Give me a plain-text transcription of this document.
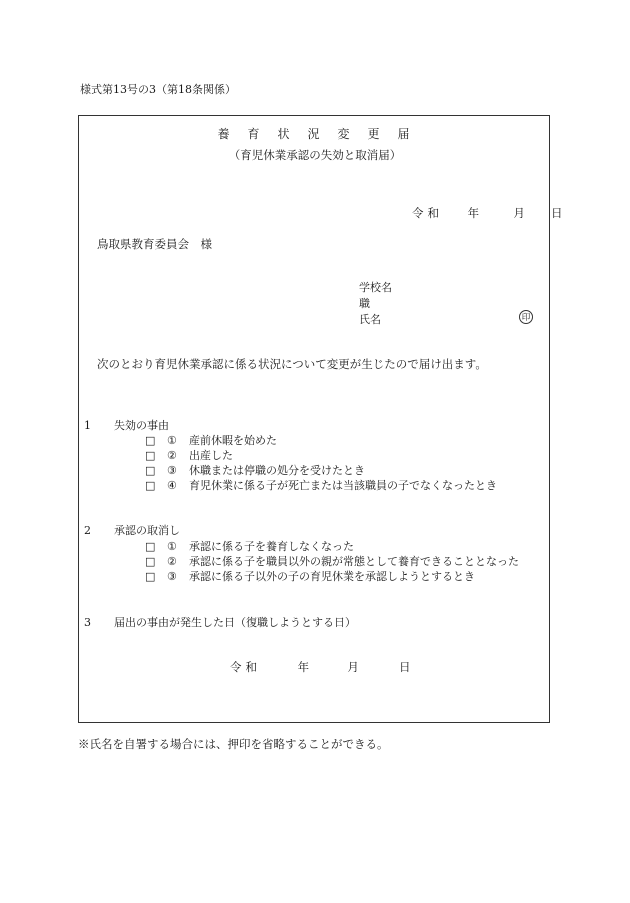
様式第13号の3（第18条関係）
養　育　状　況　変　更　届
（育児休業承認の失効と取消届）
令和 年	月 日
鳥取県教育委員会　様
学校名
職
氏名	印
次のとおり育児休業承認に係る状況について変更が生じたので届け出ます。
1 失効の事由
□ ① 産前休暇を始めた
□ ② 出産した
□ ③ 休職または停職の処分を受けたとき
□ ④ 育児休業に係る子が死亡または当該職員の子でなくなったとき
2 承認の取消し
□ ① 承認に係る子を養育しなくなった
□ ② 承認に係る子を職員以外の親が常態として養育できることとなった
□ ③ 承認に係る子以外の子の育児休業を承認しようとするとき
3 届出の事由が発生した日（復職しようとする日）
令和	年	月	日
※氏名を自署する場合には、押印を省略することができる。
